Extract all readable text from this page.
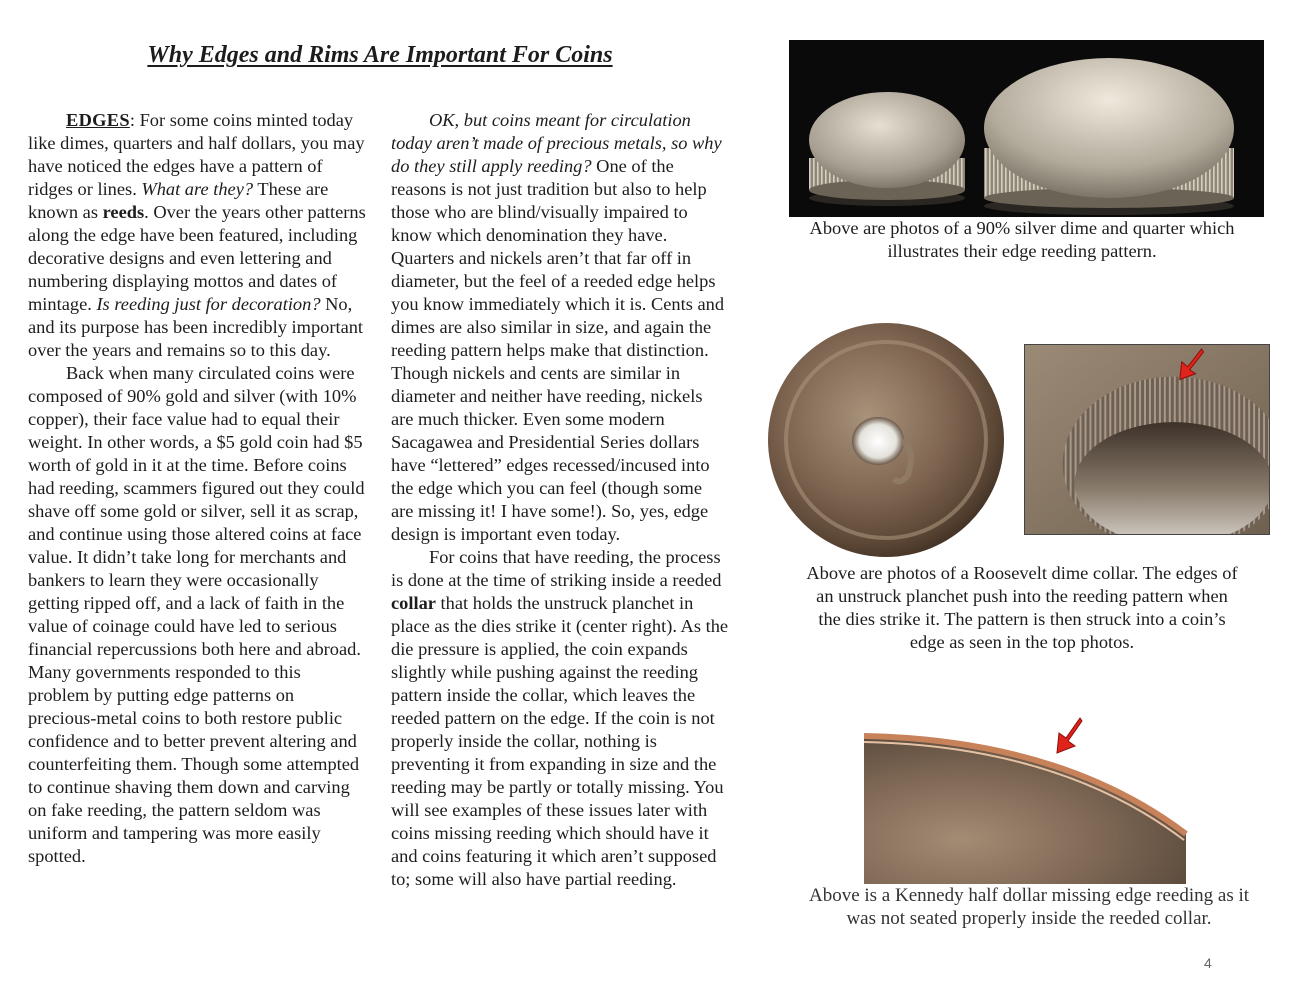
Why Edges and Rims Are Important For Coins

EDGES: For some coins minted today like dimes, quarters and half dollars, you may have noticed the edges have a pattern of ridges or lines. What are they? These are known as reeds. Over the years other patterns along the edge have been featured, including decorative designs and even lettering and numbering displaying mottos and dates of mintage. Is reeding just for decoration? No, and its purpose has been incredibly important over the years and remains so to this day.

Back when many circulated coins were composed of 90% gold and silver (with 10% copper), their face value had to equal their weight. In other words, a $5 gold coin had $5 worth of gold in it at the time. Before coins had reeding, scammers figured out they could shave off some gold or silver, sell it as scrap, and continue using those altered coins at face value. It didn’t take long for merchants and bankers to learn they were occasionally getting ripped off, and a lack of faith in the value of coinage could have led to serious financial repercussions both here and abroad. Many governments responded to this problem by putting edge patterns on precious-metal coins to both restore public confidence and to better prevent altering and counterfeiting them. Though some attempted to continue shaving them down and carving on fake reeding, the pattern seldom was uniform and tampering was more easily spotted.

OK, but coins meant for circulation today aren’t made of precious metals, so why do they still apply reeding? One of the reasons is not just tradition but also to help those who are blind/visually impaired to know which denomination they have. Quarters and nickels aren’t that far off in diameter, but the feel of a reeded edge helps you know immediately which it is. Cents and dimes are also similar in size, and again the reeding pattern helps make that distinction. Though nickels and cents are similar in diameter and neither have reeding, nickels are much thicker. Even some modern Sacagawea and Presidential Series dollars have “lettered” edges recessed/incused into the edge which you can feel (though some are missing it! I have some!). So, yes, edge design is important even today.

For coins that have reeding, the process is done at the time of striking inside a reeded collar that holds the unstruck planchet in place as the dies strike it (center right). As the die pressure is applied, the coin expands slightly while pushing against the reeding pattern inside the collar, which leaves the reeded pattern on the edge. If the coin is not properly inside the collar, nothing is preventing it from expanding in size and the reeding may be partly or totally missing. You will see examples of these issues later with coins missing reeding which should have it and coins featuring it which aren’t supposed to; some will also have partial reeding.

Above are photos of a 90% silver dime and quarter which illustrates their edge reeding pattern.
Above are photos of a Roosevelt dime collar. The edges of an unstruck planchet push into the reeding pattern when the dies strike it. The pattern is then struck into a coin’s edge as seen in the top photos.
Above is a Kennedy half dollar missing edge reeding as it was not seated properly inside the reeded collar.
4
